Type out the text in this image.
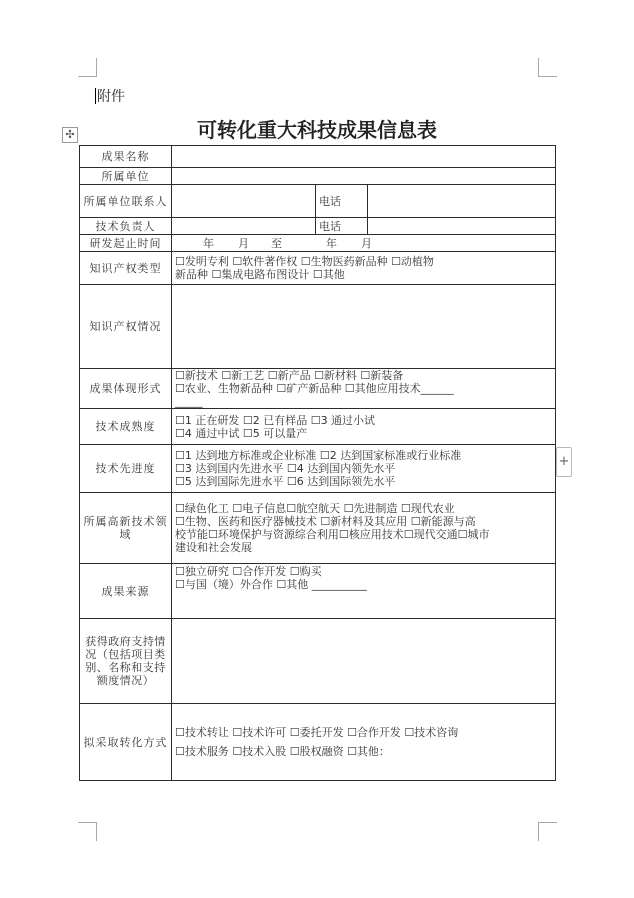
附件
可转化重大科技成果信息表
✣
+
成果名称			
所属单位			
所属单位联系人		电话	
技术负责人		电话	
研发起止时间	年 月 至 年 月		
知识产权类型	☐发明专利 ☐软件著作权 ☐生物医药新品种 ☐动植物
新品种 ☐集成电路布图设计 ☐其他		

知识产权情况			
成果体现形式	☐新技术 ☐新工艺 ☐新产品 ☐新材料 ☐新装备
☐农业、生物新品种 ☐矿产新品种 ☐其他应用技术______
_____		

技术成熟度	☐1 正在研发 ☐2 已有样品 ☐3 通过小试
☐4 通过中试 ☐5 可以量产		

技术先进度	☐1 达到地方标准或企业标准 ☐2 达到国家标准或行业标准
☐3 达到国内先进水平 ☐4 达到国内领先水平
☐5 达到国际先进水平 ☐6 达到国际领先水平		

所属高新技术领域	☐绿色化工 ☐电子信息☐航空航天 ☐先进制造 ☐现代农业
☐生物、医药和医疗器械技术 ☐新材料及其应用 ☐新能源与高
校节能☐环境保护与资源综合利用☐核应用技术☐现代交通☐城市
建设和社会发展		

成果来源	☐独立研究 ☐合作开发 ☐购买
☐与国（境）外合作 ☐其他 __________		

获得政府支持情况（包括项目类别、名称和支持额度情况）			
拟采取转化方式	☐技术转让 ☐技术许可 ☐委托开发 ☐合作开发 ☐技术咨询
☐技术服务 ☐技术入股 ☐股权融资 ☐其他：		
